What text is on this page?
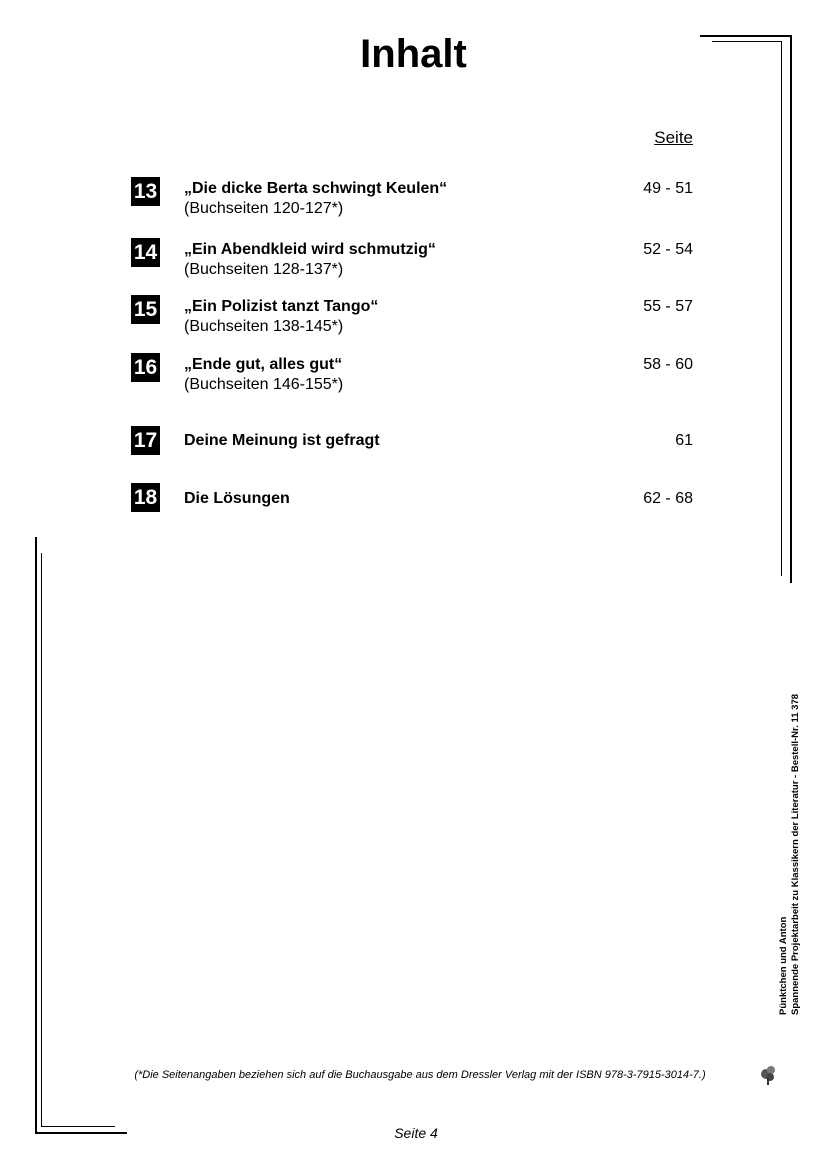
Inhalt
Seite
13 „Die dicke Berta schwingt Keulen“
(Buchseiten 120-127*)
49 - 51
14 „Ein Abendkleid wird schmutzig“
(Buchseiten 128-137*)
52 - 54
15 „Ein Polizist tanzt Tango“
(Buchseiten 138-145*)
55 - 57
16 „Ende gut, alles gut“
(Buchseiten 146-155*)
58 - 60
17 Deine Meinung ist gefragt	61
18 Die Lösungen	62 - 68
Pünktchen und Anton Spannende Projektarbeit zu Klassikern der Literatur - Bestell-Nr. 11 378
(*Die Seitenangaben beziehen sich auf die Buchausgabe aus dem Dressler Verlag mit der ISBN 978-3-7915-3014-7.)
Seite 4
